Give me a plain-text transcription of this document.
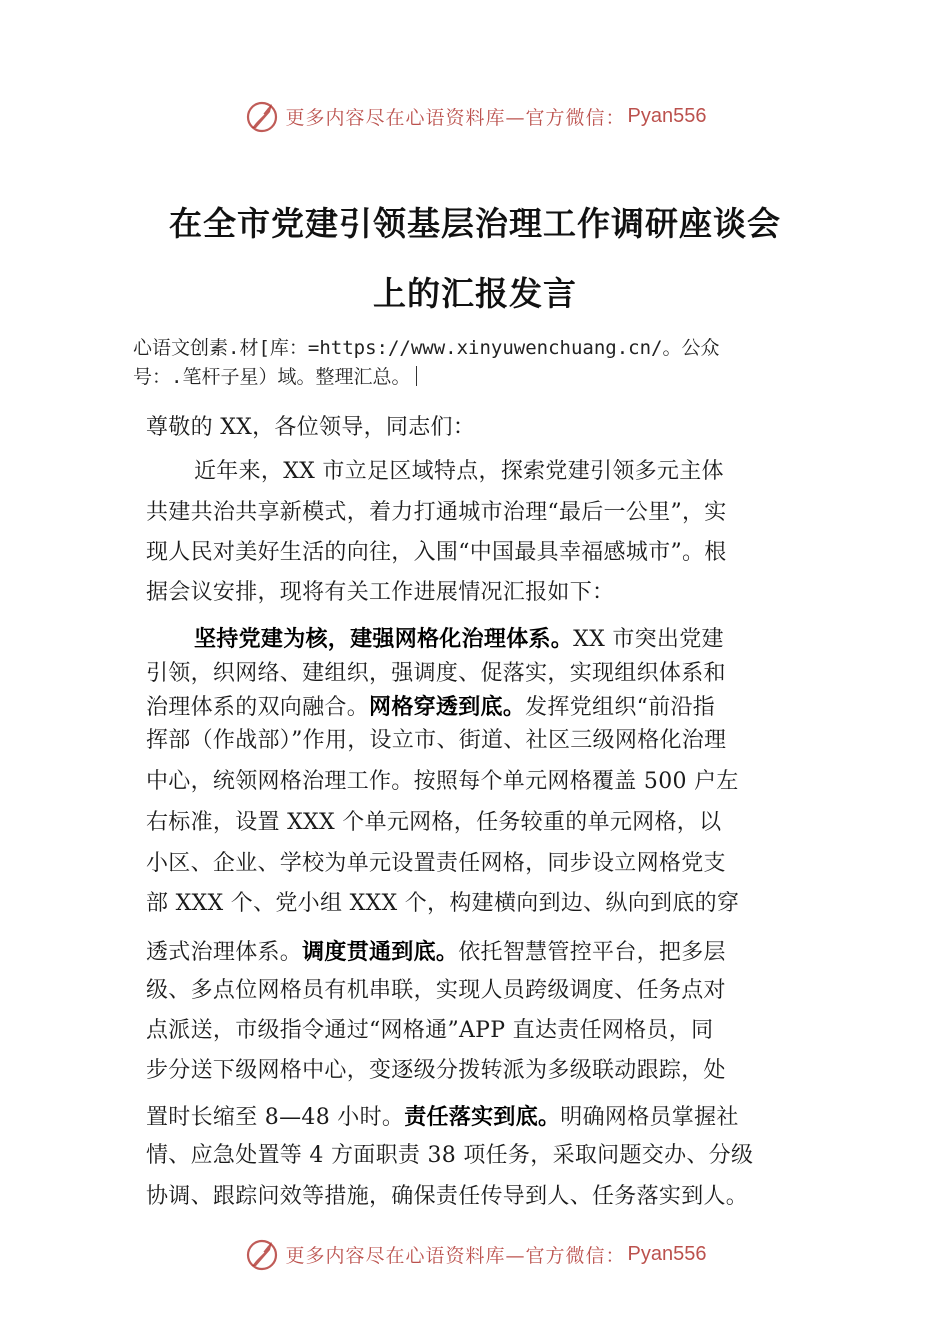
更多内容尽在心语资料库—官方微信： Pyan556
在全市党建引领基层治理工作调研座谈会
上的汇报发言
心语文创素.材[库：=https://www.xinyuwenchuang.cn/。公众
号：.笔杆子星）域。整理汇总。
尊敬的 XX，各位领导，同志们：
近年来，XX 市立足区域特点，探索党建引领多元主体
共建共治共享新模式，着力打通城市治理“最后一公里”，实
现人民对美好生活的向往，入围“中国最具幸福感城市”。根
据会议安排，现将有关工作进展情况汇报如下：
坚持党建为核，建强网格化治理体系。XX 市突出党建
引领，织网络、建组织，强调度、促落实，实现组织体系和
治理体系的双向融合。网格穿透到底。发挥党组织“前沿指
挥部（作战部）”作用，设立市、街道、社区三级网格化治理
中心，统领网格治理工作。按照每个单元网格覆盖 500 户左
右标准，设置 XXX 个单元网格，任务较重的单元网格，以
小区、企业、学校为单元设置责任网格，同步设立网格党支
部 XXX 个、党小组 XXX 个，构建横向到边、纵向到底的穿
透式治理体系。调度贯通到底。依托智慧管控平台，把多层
级、多点位网格员有机串联，实现人员跨级调度、任务点对
点派送，市级指令通过“网格通”APP 直达责任网格员，同
步分送下级网格中心，变逐级分拨转派为多级联动跟踪，处
置时长缩至 8—48 小时。责任落实到底。明确网格员掌握社
情、应急处置等 4 方面职责 38 项任务，采取问题交办、分级
协调、跟踪问效等措施，确保责任传导到人、任务落实到人。
更多内容尽在心语资料库—官方微信： Pyan556
